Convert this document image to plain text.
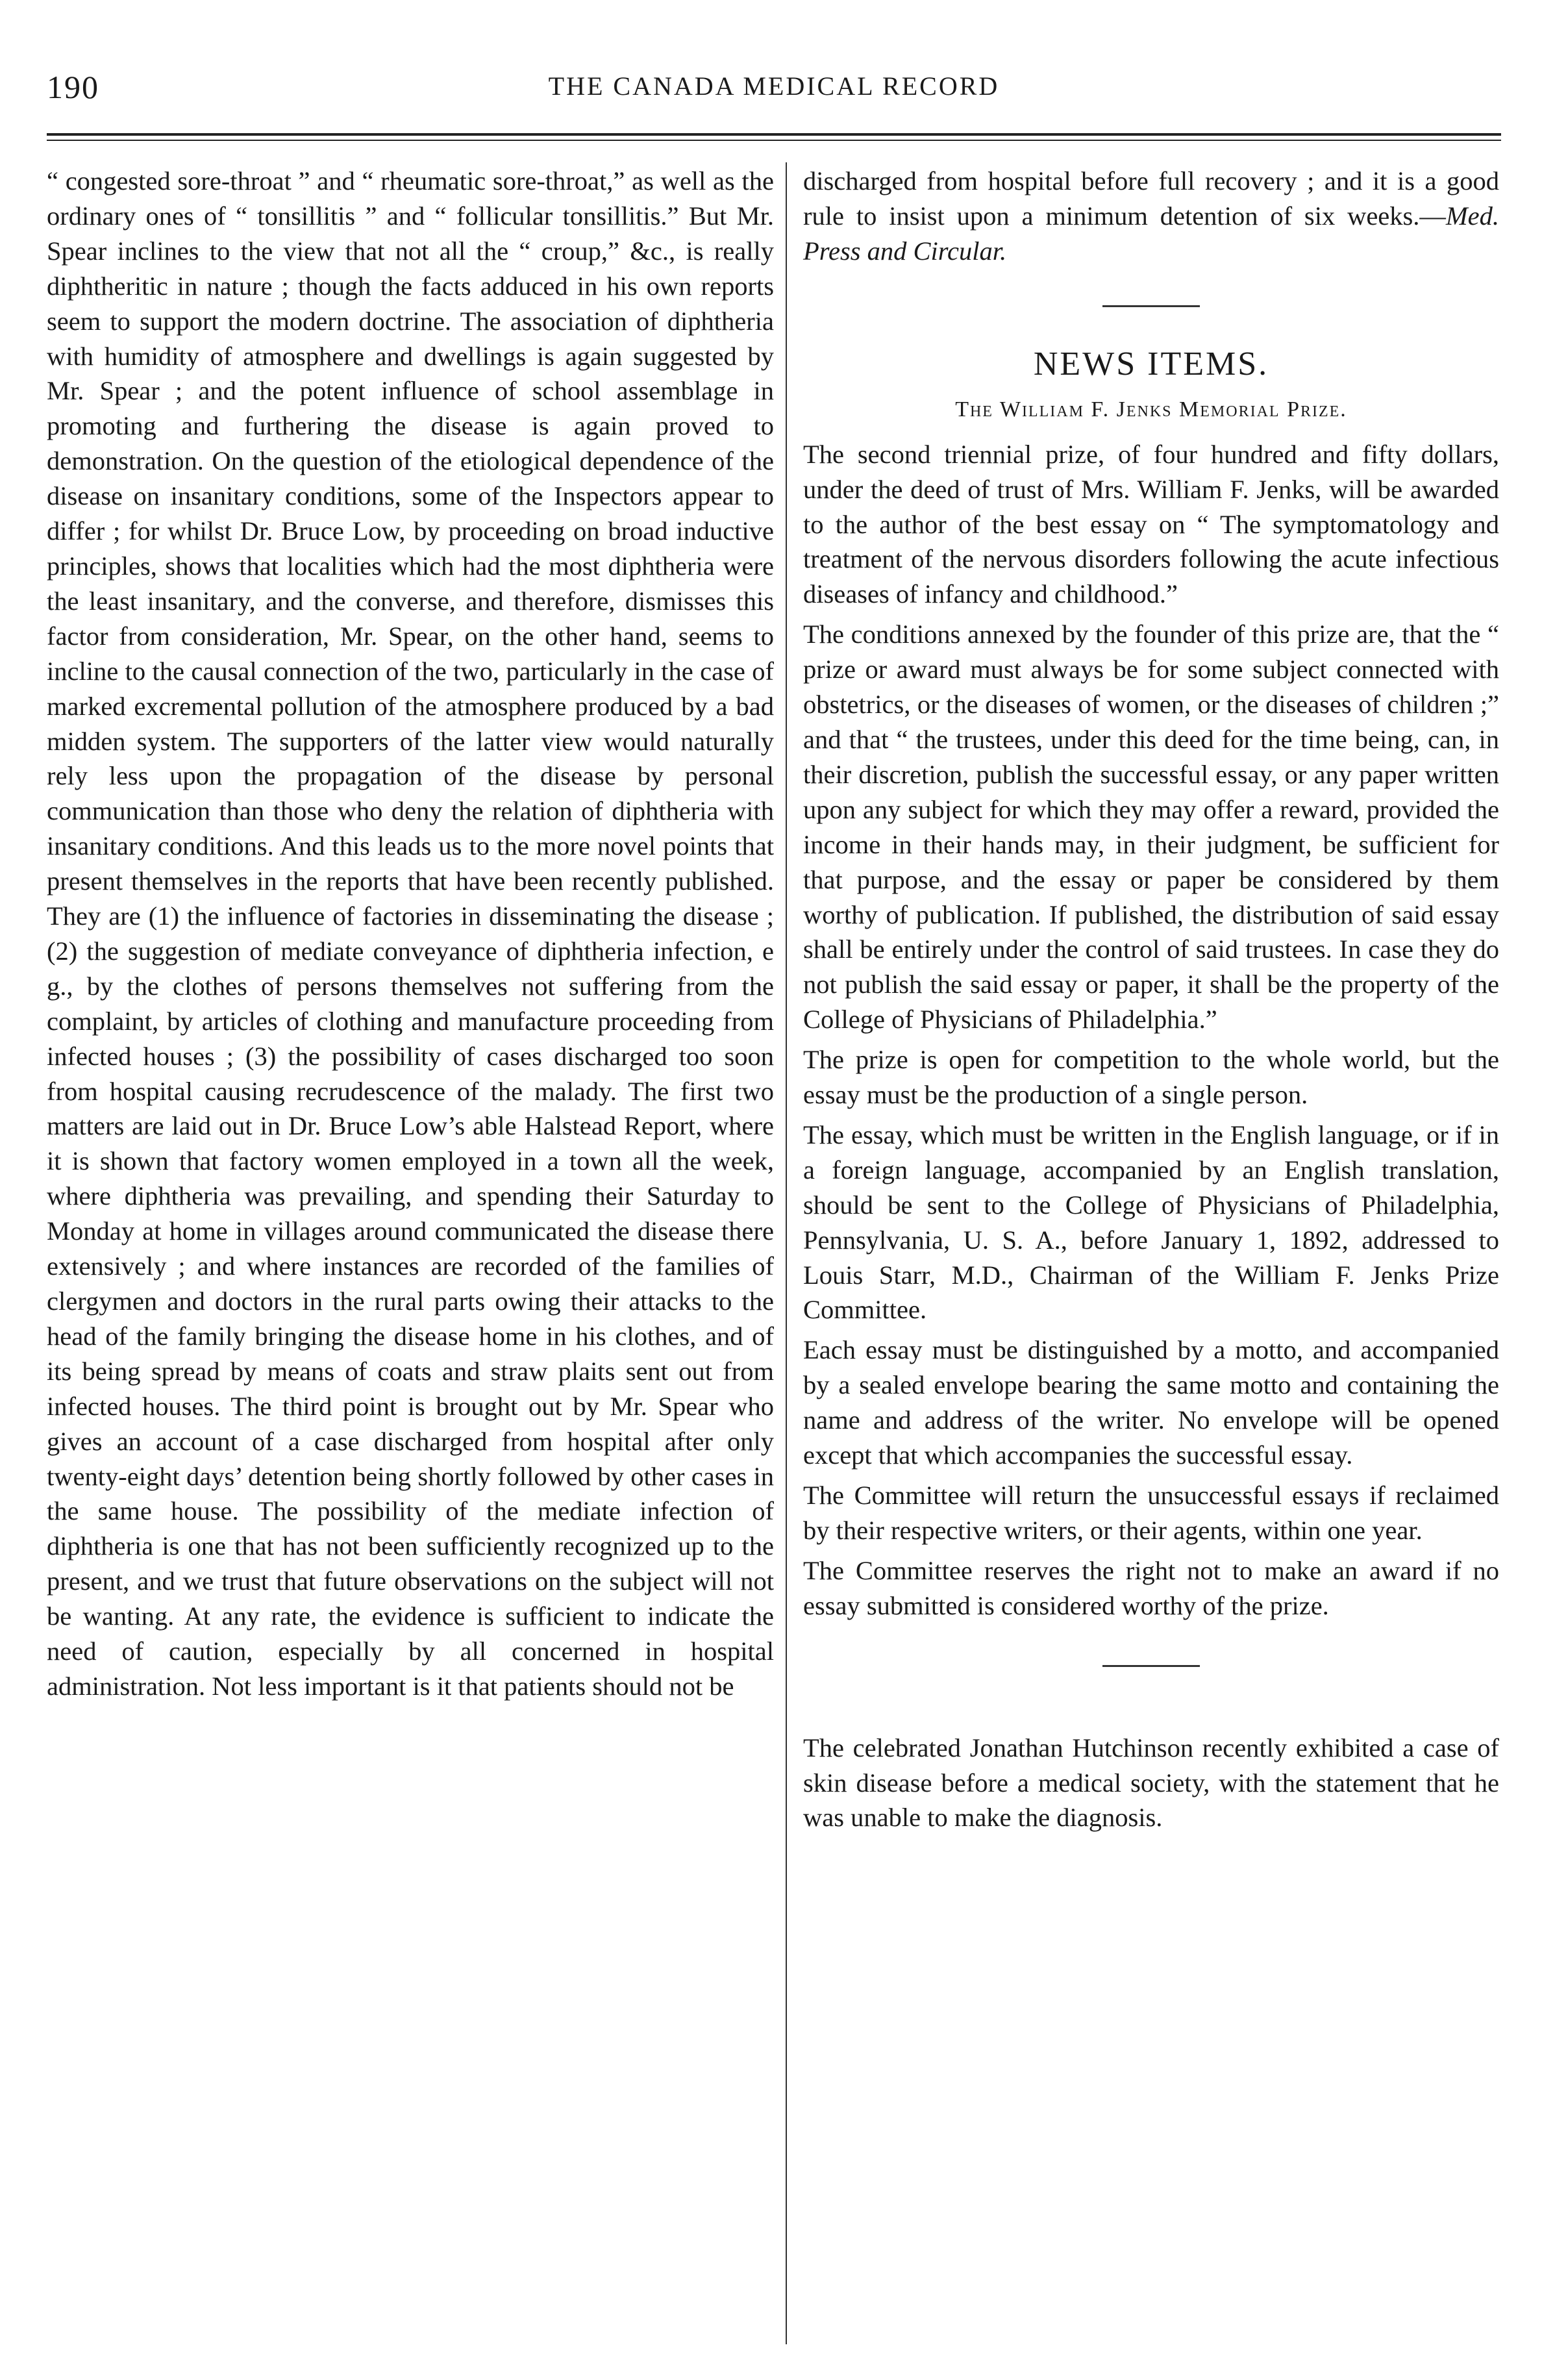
190	THE CANADA MEDICAL RECORD

“ congested sore-throat ” and “ rheumatic sore-throat,” as well as the ordinary ones of “ tonsillitis ” and “ follicular tonsillitis.” But Mr. Spear inclines to the view that not all the “ croup,” &c., is really diphtheritic in nature ; though the facts adduced in his own reports seem to support the modern doctrine. The association of diphtheria with humidity of atmosphere and dwellings is again suggested by Mr. Spear ; and the potent influence of school assemblage in promoting and furthering the disease is again proved to demonstration. On the question of the etiological dependence of the disease on insanitary conditions, some of the Inspectors appear to differ ; for whilst Dr. Bruce Low, by proceeding on broad inductive principles, shows that localities which had the most diphtheria were the least insanitary, and the converse, and therefore, dismisses this factor from consideration, Mr. Spear, on the other hand, seems to incline to the causal connection of the two, particularly in the case of marked excremental pollution of the atmosphere produced by a bad midden system. The supporters of the latter view would naturally rely less upon the propagation of the disease by personal communication than those who deny the relation of diphtheria with insanitary conditions. And this leads us to the more novel points that present themselves in the reports that have been recently published. They are (1) the influence of factories in disseminating the disease ; (2) the suggestion of mediate conveyance of diphtheria infection, e g., by the clothes of persons themselves not suffering from the complaint, by articles of clothing and manufacture proceeding from infected houses ; (3) the possibility of cases discharged too soon from hospital causing recrudescence of the malady. The first two matters are laid out in Dr. Bruce Low’s able Halstead Report, where it is shown that factory women employed in a town all the week, where diphtheria was prevailing, and spending their Saturday to Monday at home in villages around communicated the disease there extensively ; and where instances are recorded of the families of clergymen and doctors in the rural parts owing their attacks to the head of the family bringing the disease home in his clothes, and of its being spread by means of coats and straw plaits sent out from infected houses. The third point is brought out by Mr. Spear who gives an account of a case discharged from hospital after only twenty-eight days’ detention being shortly followed by other cases in the same house. The possibility of the mediate infection of diphtheria is one that has not been sufficiently recognized up to the present, and we trust that future observations on the subject will not be wanting. At any rate, the evidence is sufficient to indicate the need of caution, especially by all concerned in hospital administration. Not less important is it that patients should not be

discharged from hospital before full recovery ; and it is a good rule to insist upon a minimum detention of six weeks.—Med. Press and Circular.

NEWS ITEMS.
The William F. Jenks Memorial Prize.

The second triennial prize, of four hundred and fifty dollars, under the deed of trust of Mrs. William F. Jenks, will be awarded to the author of the best essay on “ The symptomatology and treatment of the nervous disorders following the acute infectious diseases of infancy and childhood.”

The conditions annexed by the founder of this prize are, that the “ prize or award must always be for some subject connected with obstetrics, or the diseases of women, or the diseases of children ;” and that “ the trustees, under this deed for the time being, can, in their discretion, publish the successful essay, or any paper written upon any subject for which they may offer a reward, provided the income in their hands may, in their judgment, be sufficient for that purpose, and the essay or paper be considered by them worthy of publication. If published, the distribution of said essay shall be entirely under the control of said trustees. In case they do not publish the said essay or paper, it shall be the property of the College of Physicians of Philadelphia.”

The prize is open for competition to the whole world, but the essay must be the production of a single person.

The essay, which must be written in the English language, or if in a foreign language, accompanied by an English translation, should be sent to the College of Physicians of Philadelphia, Pennsylvania, U. S. A., before January 1, 1892, addressed to Louis Starr, M.D., Chairman of the William F. Jenks Prize Committee.

Each essay must be distinguished by a motto, and accompanied by a sealed envelope bearing the same motto and containing the name and address of the writer. No envelope will be opened except that which accompanies the successful essay.

The Committee will return the unsuccessful essays if reclaimed by their respective writers, or their agents, within one year.

The Committee reserves the right not to make an award if no essay submitted is considered worthy of the prize.

The celebrated Jonathan Hutchinson recently exhibited a case of skin disease before a medical society, with the statement that he was unable to make the diagnosis.
